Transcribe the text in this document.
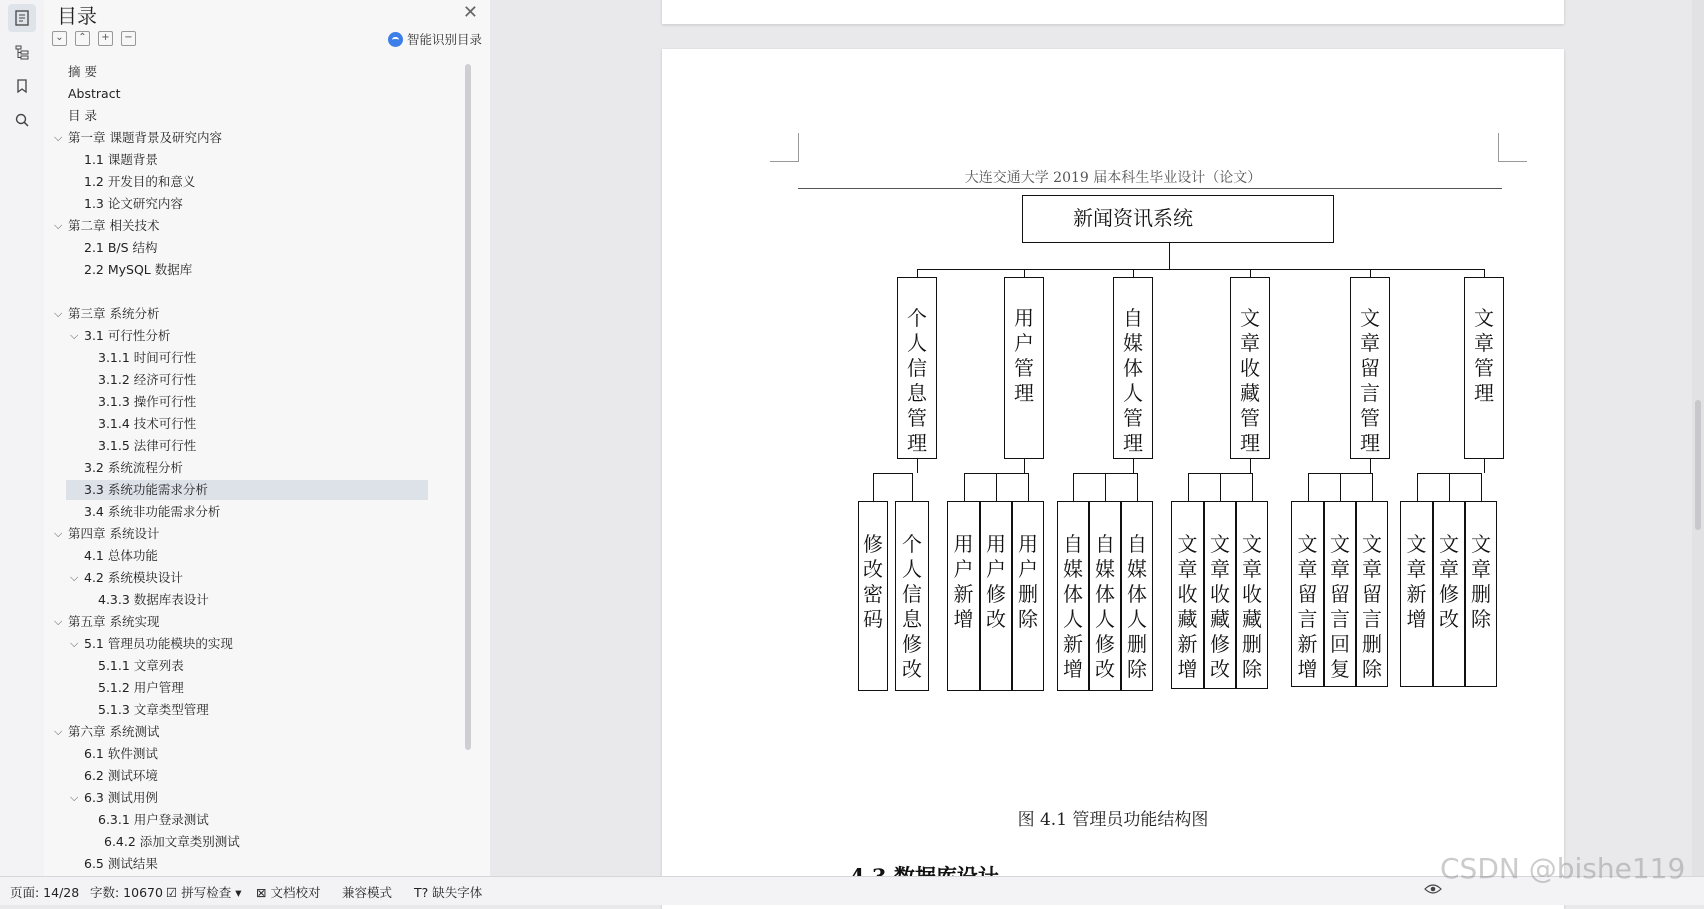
目录	✕
⌄	⌃	+	−	智能识别目录
摘 要
Abstract
目 录
⌵ 第一章 课题背景及研究内容
1.1 课题背景
1.2 开发目的和意义
1.3 论文研究内容
⌵ 第二章 相关技术
2.1 B/S 结构
2.2 MySQL 数据库
⌵ 第三章 系统分析
⌵ 3.1 可行性分析
3.1.1 时间可行性
3.1.2 经济可行性
3.1.3 操作可行性
3.1.4 技术可行性
3.1.5 法律可行性
3.2 系统流程分析
3.3 系统功能需求分析
3.4 系统非功能需求分析
⌵ 第四章 系统设计
4.1 总体功能
⌵ 4.2 系统模块设计
4.3.3 数据库表设计
⌵ 第五章 系统实现
⌵ 5.1 管理员功能模块的实现
5.1.1 文章列表
5.1.2 用户管理
5.1.3 文章类型管理
⌵ 第六章 系统测试
6.1 软件测试
6.2 测试环境
⌵ 6.3 测试用例
6.3.1 用户登录测试
6.4.2 添加文章类别测试
6.5 测试结果
大连交通大学 2019 届本科生毕业设计（论文）
新闻资讯系统
个人信息管理
修改密码
个人信息修改
用户管理
用户新增
用户修改
用户删除
自媒体人管理
自媒体人新增
自媒体人修改
自媒体人删除
文章收藏管理
文章收藏新增
文章收藏修改
文章收藏删除
文章留言管理
文章留言新增
文章留言回复
文章留言删除
文章管理
文章新增
文章修改
文章删除
图 4.1 管理员功能结构图
页面: 14/28 字数: 10670 ☑ 拼写检查 ▾ ⊠ 文档校对 兼容模式 T? 缺失字体
CSDN @bishe119
